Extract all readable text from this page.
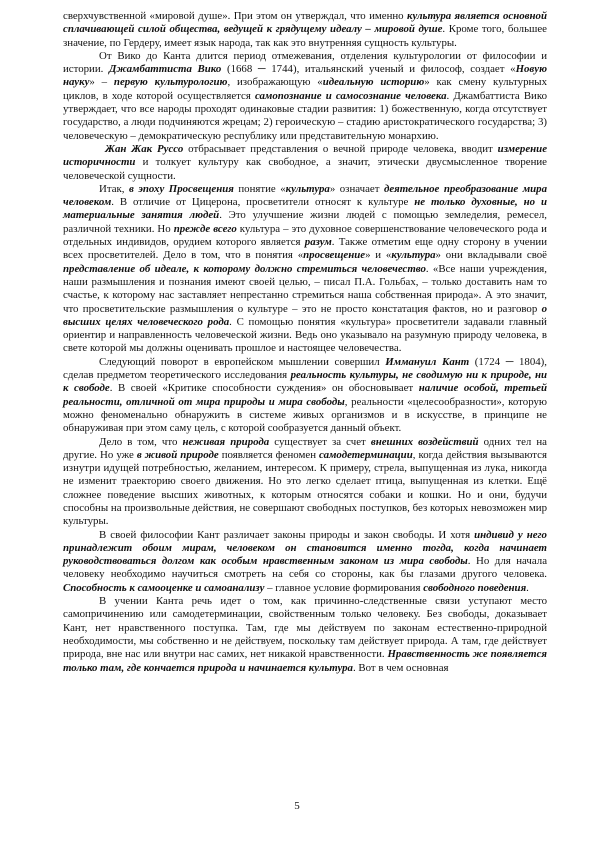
сверхчувственной «мировой душе». При этом он утверждал, что именно культура является основной сплачивающей силой общества, ведущей к грядущему идеалу – мировой душе. Кроме того, большее значение, по Гердеру, имеет язык народа, так как это внутренняя сущность культуры.

От Вико до Канта длится период отмежевания, отделения культурологии от философии и истории. Джамбаттиста Вико (1668 ─ 1744), итальянский ученый и философ, создает «Новую науку» – первую культурологию, изображающую «идеальную историю» как смену культурных циклов, в ходе которой осуществляется самопознание и самосознание человека. Джамбаттиста Вико утверждает, что все народы проходят одинаковые стадии развития: 1) божественную, когда отсутствует государство, а люди подчиняются жрецам; 2) героическую – стадию аристократического государства; 3) человеческую – демократическую республику или представительную монархию.

Жан Жак Руссо отбрасывает представления о вечной природе человека, вводит измерение историчности и толкует культуру как свободное, а значит, этически двусмысленное творение человеческой сущности.

Итак, в эпоху Просвещения понятие «культура» означает деятельное преобразование мира человеком. В отличие от Цицерона, просветители относят к культуре не только духовные, но и материальные занятия людей. Это улучшение жизни людей с помощью земледелия, ремесел, различной техники. Но прежде всего культура – это духовное совершенствование человеческого рода и отдельных индивидов, орудием которого является разум. Также отметим еще одну сторону в учении всех просветителей. Дело в том, что в понятия «просвещение» и «культура» они вкладывали своё представление об идеале, к которому должно стремиться человечество. «Все наши учреждения, наши размышления и познания имеют своей целью, – писал П.А. Гольбах, – только доставить нам то счастье, к которому нас заставляет непрестанно стремиться наша собственная природа». А это значит, что просветительские размышления о культуре – это не просто констатация фактов, но и разговор о высших целях человеческого рода. С помощью понятия «культура» просветители задавали главный ориентир и направленность человеческой жизни. Ведь оно указывало на разумную природу человека, в свете которой мы должны оценивать прошлое и настоящее человечества.

Следующий поворот в европейском мышлении совершил Иммануил Кант (1724 ─ 1804), сделав предметом теоретического исследования реальность культуры, не сводимую ни к природе, ни к свободе. В своей «Критике способности суждения» он обосновывает наличие особой, третьей реальности, отличной от мира природы и мира свободы, реальности «целесообразности», которую можно феноменально обнаружить в системе живых организмов и в искусстве, в принципе не обнаруживая при этом саму цель, с которой сообразуется данный объект.

Дело в том, что неживая природа существует за счет внешних воздействий одних тел на другие. Но уже в живой природе появляется феномен самодетерминации, когда действия вызываются изнутри идущей потребностью, желанием, интересом. К примеру, стрела, выпущенная из лука, никогда не изменит траекторию своего движения. Но это легко сделает птица, выпущенная из клетки. Ещё сложнее поведение высших животных, к которым относятся собаки и кошки. Но и они, будучи способны на произвольные действия, не совершают свободных поступков, без которых невозможен мир культуры.

В своей философии Кант различает законы природы и закон свободы. И хотя индивид у него принадлежит обоим мирам, человеком он становится именно тогда, когда начинает руководствоваться долгом как особым нравственным законом из мира свободы. Но для начала человеку необходимо научиться смотреть на себя со стороны, как бы глазами другого человека. Способность к самооценке и самоанализу – главное условие формирования свободного поведения.

В учении Канта речь идет о том, как причинно-следственные связи уступают место самопричинению или самодетерминации, свойственным только человеку. Без свободы, доказывает Кант, нет нравственного поступка. Там, где мы действуем по законам естественно-природной необходимости, мы собственно и не действуем, поскольку там действует природа. А там, где действует природа, вне нас или внутри нас самих, нет никакой нравственности. Нравственность же появляется только там, где кончается природа и начинается культура. Вот в чем основная

5
